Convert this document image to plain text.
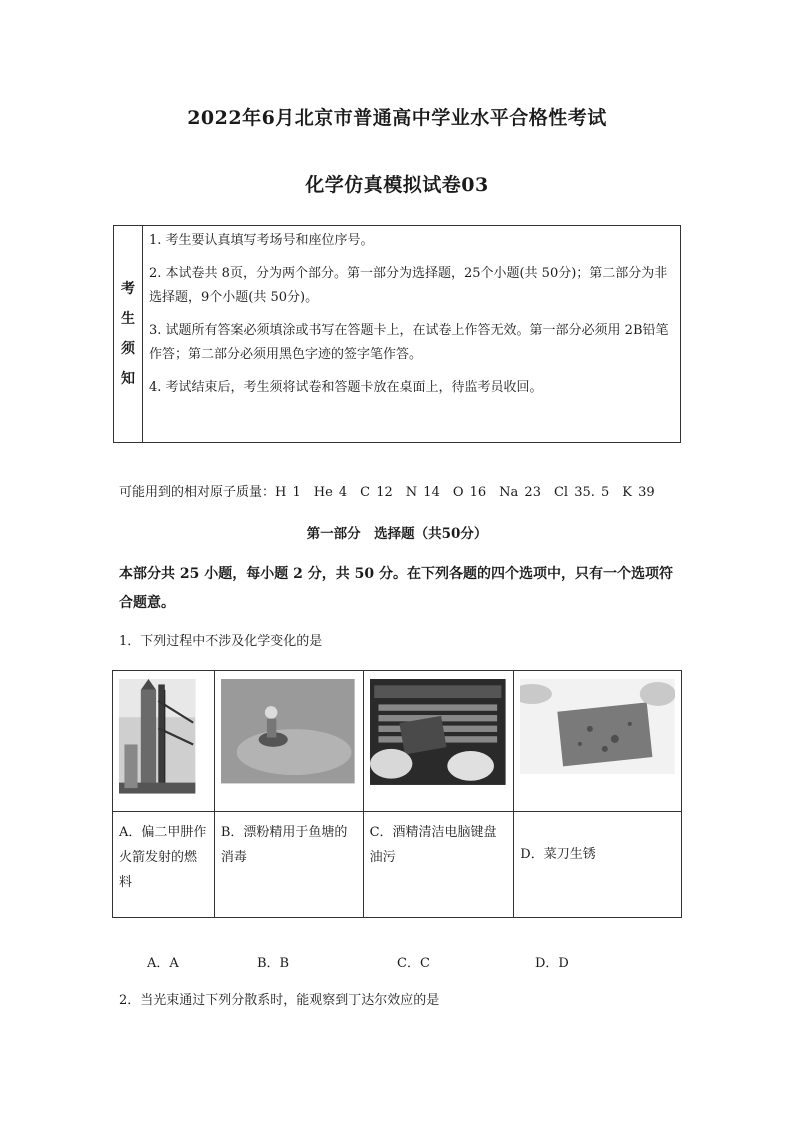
2022年6月北京市普通高中学业水平合格性考试
化学仿真模拟试卷03
考生须知

1. 考生要认真填写考场号和座位序号。

2. 本试卷共 8页，分为两个部分。第一部分为选择题，25个小题(共 50分)；第二部分为非选择题，9个小题(共 50分)。

3. 试题所有答案必须填涂或书写在答题卡上，在试卷上作答无效。第一部分必须用 2B铅笔作答；第二部分必须用黑色字迹的签字笔作答。

4. 考试结束后，考生须将试卷和答题卡放在桌面上，待监考员收回。

可能用到的相对原子质量：H 1　He 4　C 12　N 14　O 16　Na 23　Cl 35. 5　K 39
第一部分　选择题（共50分）
本部分共 25 小题，每小题 2 分，共 50 分。在下列各题的四个选项中，只有一个选项符合题意。
1．下列过程中不涉及化学变化的是

A．偏二甲肼作火箭发射的燃料	B．漂粉精用于鱼塘的消毒	C．酒精清洁电脑键盘油污	D．菜刀生锈
A．A	B．B	C．C	D．D
2．当光束通过下列分散系时，能观察到丁达尔效应的是
